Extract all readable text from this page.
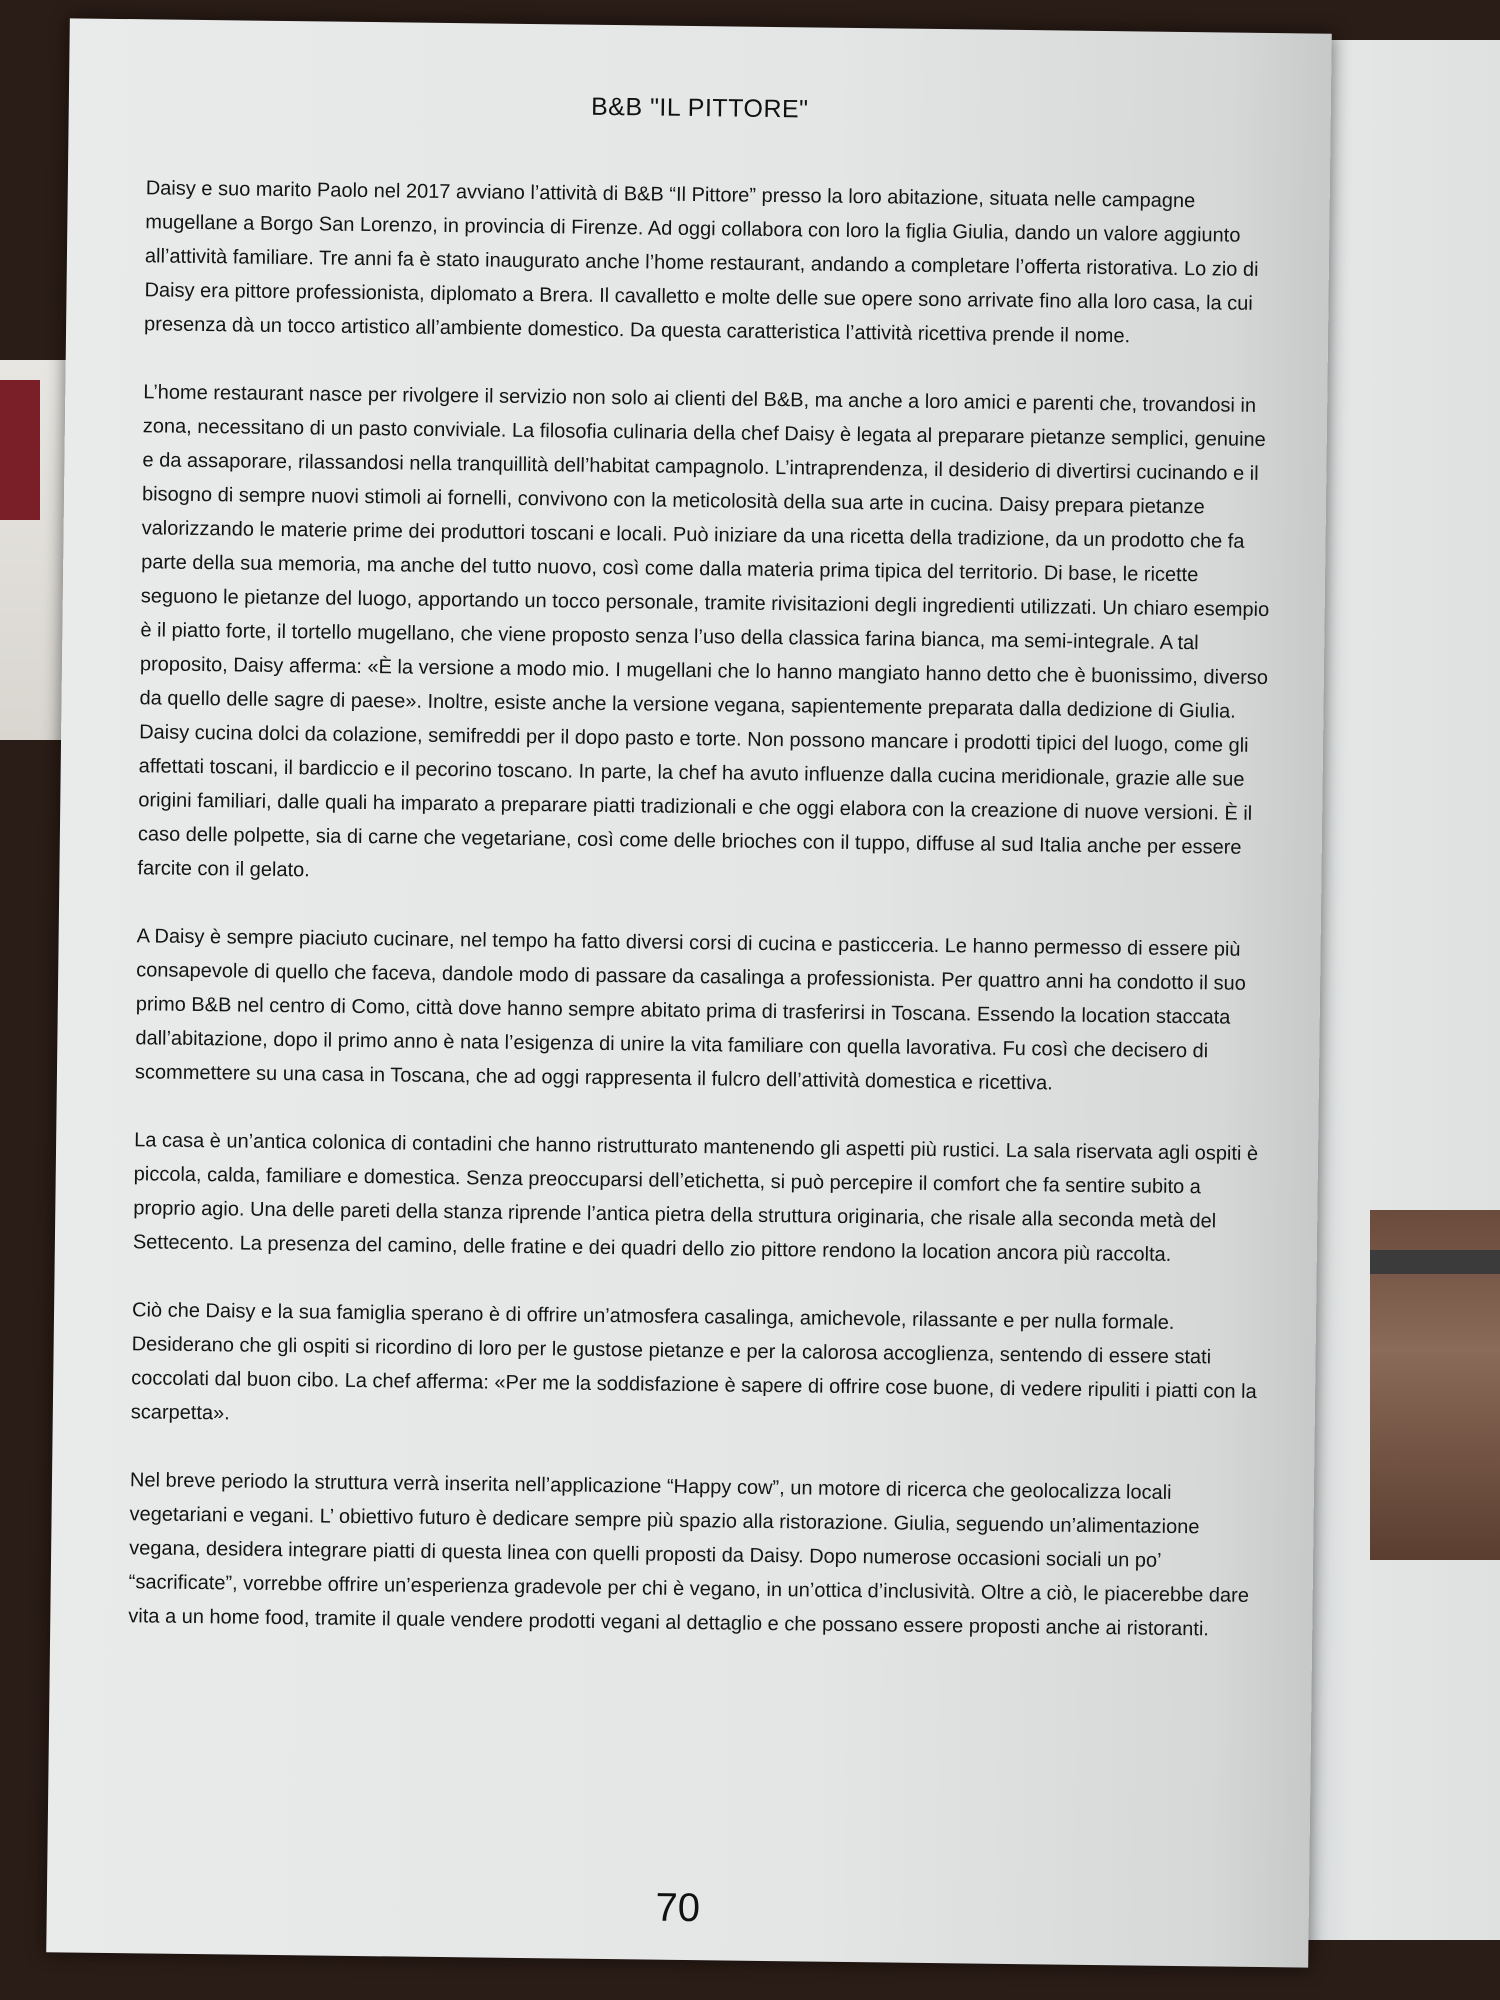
B&B "IL PITTORE"

Daisy e suo marito Paolo nel 2017 avviano l’attività di B&B “Il Pittore” presso la loro abitazione, situata nelle campagne mugellane a Borgo San Lorenzo, in provincia di Firenze. Ad oggi collabora con loro la figlia Giulia, dando un valore aggiunto all’attività familiare. Tre anni fa è stato inaugurato anche l’home restaurant, andando a completare l’offerta ristorativa. Lo zio di Daisy era pittore professionista, diplomato a Brera. Il cavalletto e molte delle sue opere sono arrivate fino alla loro casa, la cui presenza dà un tocco artistico all’ambiente domestico. Da questa caratteristica l’attività ricettiva prende il nome.

L’home restaurant nasce per rivolgere il servizio non solo ai clienti del B&B, ma anche a loro amici e parenti che, trovandosi in zona, necessitano di un pasto conviviale. La filosofia culinaria della chef Daisy è legata al preparare pietanze semplici, genuine e da assaporare, rilassandosi nella tranquillità dell’habitat campagnolo. L’intraprendenza, il desiderio di divertirsi cucinando e il bisogno di sempre nuovi stimoli ai fornelli, convivono con la meticolosità della sua arte in cucina. Daisy prepara pietanze valorizzando le materie prime dei produttori toscani e locali. Può iniziare da una ricetta della tradizione, da un prodotto che fa parte della sua memoria, ma anche del tutto nuovo, così come dalla materia prima tipica del territorio. Di base, le ricette seguono le pietanze del luogo, apportando un tocco personale, tramite rivisitazioni degli ingredienti utilizzati. Un chiaro esempio è il piatto forte, il tortello mugellano, che viene proposto senza l’uso della classica farina bianca, ma semi-integrale. A tal proposito, Daisy afferma: «È la versione a modo mio. I mugellani che lo hanno mangiato hanno detto che è buonissimo, diverso da quello delle sagre di paese». Inoltre, esiste anche la versione vegana, sapientemente preparata dalla dedizione di Giulia. Daisy cucina dolci da colazione, semifreddi per il dopo pasto e torte. Non possono mancare i prodotti tipici del luogo, come gli affettati toscani, il bardiccio e il pecorino toscano. In parte, la chef ha avuto influenze dalla cucina meridionale, grazie alle sue origini familiari, dalle quali ha imparato a preparare piatti tradizionali e che oggi elabora con la creazione di nuove versioni. È il caso delle polpette, sia di carne che vegetariane, così come delle brioches con il tuppo, diffuse al sud Italia anche per essere farcite con il gelato.

A Daisy è sempre piaciuto cucinare, nel tempo ha fatto diversi corsi di cucina e pasticceria. Le hanno permesso di essere più consapevole di quello che faceva, dandole modo di passare da casalinga a professionista. Per quattro anni ha condotto il suo primo B&B nel centro di Como, città dove hanno sempre abitato prima di trasferirsi in Toscana. Essendo la location staccata dall’abitazione, dopo il primo anno è nata l’esigenza di unire la vita familiare con quella lavorativa. Fu così che decisero di scommettere su una casa in Toscana, che ad oggi rappresenta il fulcro dell’attività domestica e ricettiva.

La casa è un’antica colonica di contadini che hanno ristrutturato mantenendo gli aspetti più rustici. La sala riservata agli ospiti è piccola, calda, familiare e domestica. Senza preoccuparsi dell’etichetta, si può percepire il comfort che fa sentire subito a proprio agio. Una delle pareti della stanza riprende l’antica pietra della struttura originaria, che risale alla seconda metà del Settecento. La presenza del camino, delle fratine e dei quadri dello zio pittore rendono la location ancora più raccolta.

Ciò che Daisy e la sua famiglia sperano è di offrire un’atmosfera casalinga, amichevole, rilassante e per nulla formale. Desiderano che gli ospiti si ricordino di loro per le gustose pietanze e per la calorosa accoglienza, sentendo di essere stati coccolati dal buon cibo. La chef afferma: «Per me la soddisfazione è sapere di offrire cose buone, di vedere ripuliti i piatti con la scarpetta».

Nel breve periodo la struttura verrà inserita nell’applicazione “Happy cow”, un motore di ricerca che geolocalizza locali vegetariani e vegani. L’ obiettivo futuro è dedicare sempre più spazio alla ristorazione. Giulia, seguendo un’alimentazione vegana, desidera integrare piatti di questa linea con quelli proposti da Daisy. Dopo numerose occasioni sociali un po’ “sacrificate”, vorrebbe offrire un’esperienza gradevole per chi è vegano, in un’ottica d’inclusività. Oltre a ciò, le piacerebbe dare vita a un home food, tramite il quale vendere prodotti vegani al dettaglio e che possano essere proposti anche ai ristoranti.

70
